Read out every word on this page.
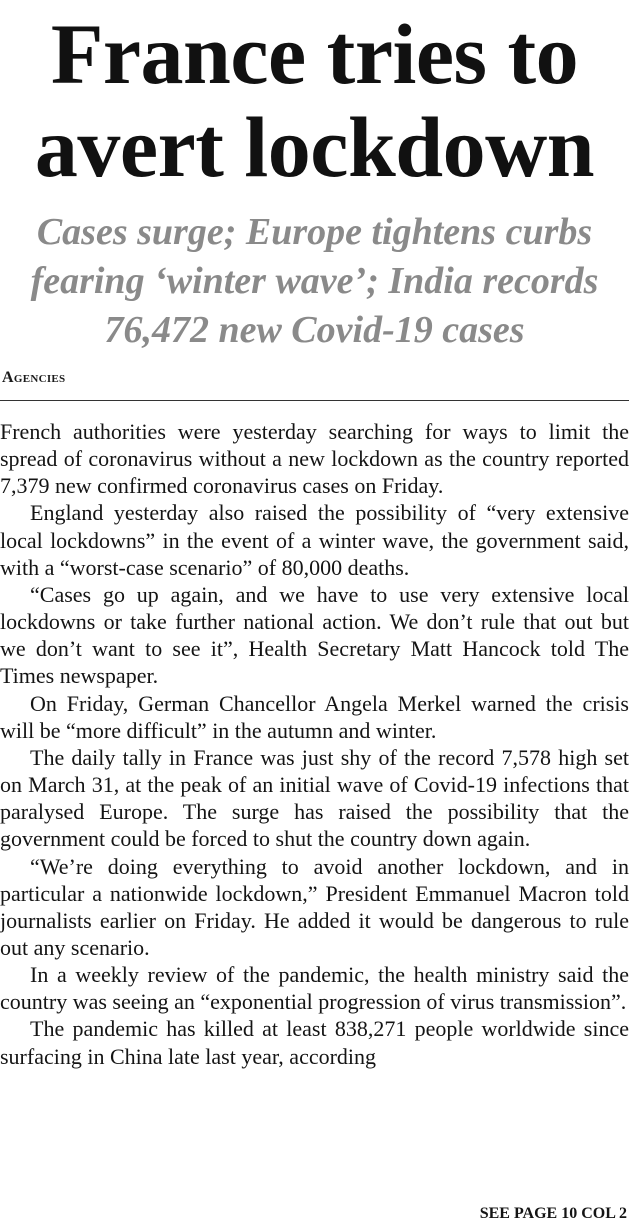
France tries to avert lockdown
Cases surge; Europe tightens curbs fearing ‘winter wave’; India records 76,472 new Covid-19 cases
Agencies

French authorities were yesterday searching for ways to limit the spread of coronavirus without a new lockdown as the country reported 7,379 new confirmed coronavirus cases on Friday.

England yesterday also raised the possibility of “very extensive local lockdowns” in the event of a winter wave, the government said, with a “worst-case scenario” of 80,000 deaths.

“Cases go up again, and we have to use very extensive local lockdowns or take further national action. We don’t rule that out but we don’t want to see it”, Health Secretary Matt Hancock told The Times newspaper.

On Friday, German Chancellor Angela Merkel warned the crisis will be “more difficult” in the autumn and winter.

The daily tally in France was just shy of the record 7,578 high set on March 31, at the peak of an initial wave of Covid-19 infections that paralysed Europe. The surge has raised the possibility that the government could be forced to shut the country down again.

“We’re doing everything to avoid another lockdown, and in particular a nationwide lockdown,” President Emmanuel Macron told journalists earlier on Friday. He added it would be dangerous to rule out any scenario.

In a weekly review of the pandemic, the health ministry said the country was seeing an “exponential progression of virus transmission”.

The pandemic has killed at least 838,271 people worldwide since surfacing in China late last year, according

SEE PAGE 10 COL 2
